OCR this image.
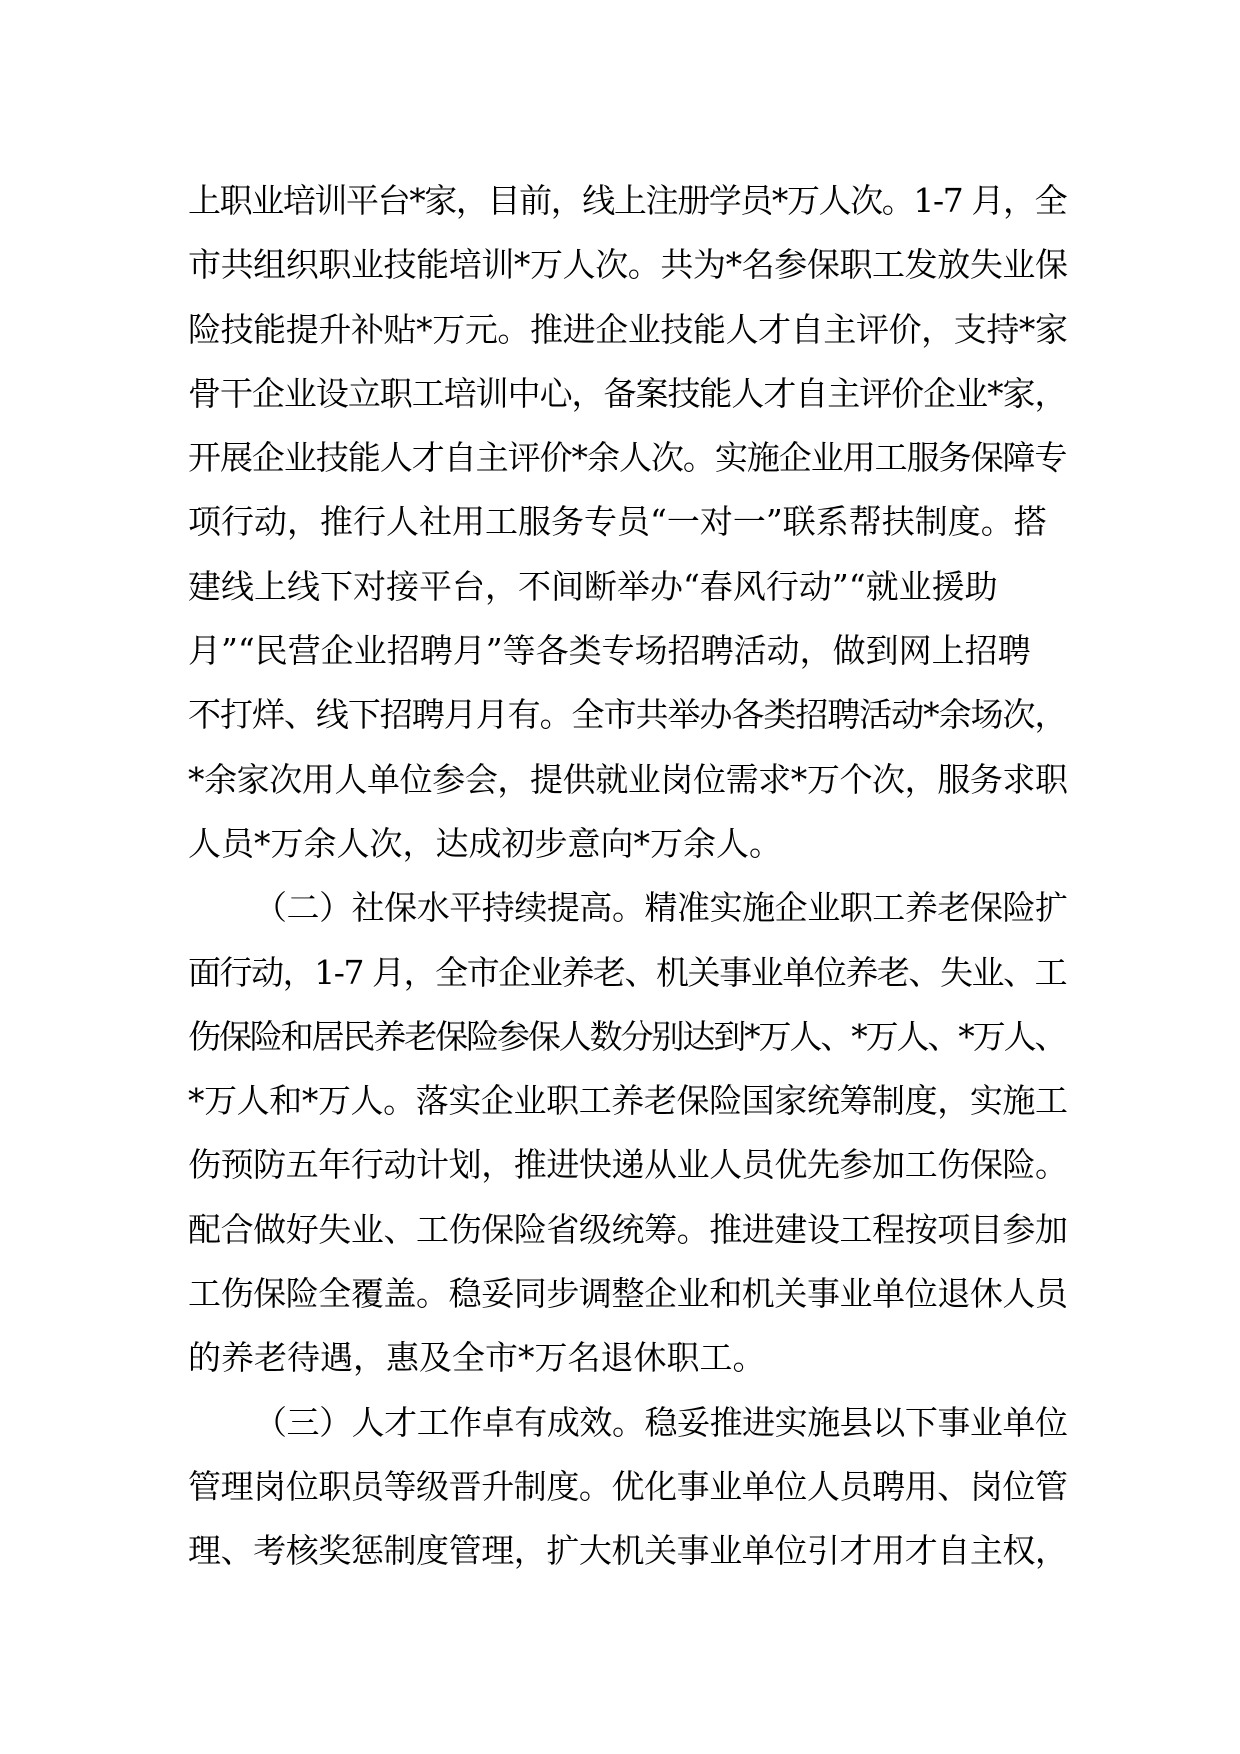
上职业培训平台*家，目前，线上注册学员*万人次。1-7 月，全
市共组织职业技能培训*万人次。共为*名参保职工发放失业保
险技能提升补贴*万元。推进企业技能人才自主评价，支持*家
骨干企业设立职工培训中心，备案技能人才自主评价企业*家，
开展企业技能人才自主评价*余人次。实施企业用工服务保障专
项行动，推行人社用工服务专员“一对一”联系帮扶制度。搭
建线上线下对接平台，不间断举办“春风行动”“就业援助
月”“民营企业招聘月”等各类专场招聘活动，做到网上招聘
不打烊、线下招聘月月有。全市共举办各类招聘活动*余场次，
*余家次用人单位参会，提供就业岗位需求*万个次，服务求职
人员*万余人次，达成初步意向*万余人。
（二）社保水平持续提高。精准实施企业职工养老保险扩
面行动，1-7 月，全市企业养老、机关事业单位养老、失业、工
伤保险和居民养老保险参保人数分别达到*万人、*万人、*万人、
*万人和*万人。落实企业职工养老保险国家统筹制度，实施工
伤预防五年行动计划，推进快递从业人员优先参加工伤保险。
配合做好失业、工伤保险省级统筹。推进建设工程按项目参加
工伤保险全覆盖。稳妥同步调整企业和机关事业单位退休人员
的养老待遇，惠及全市*万名退休职工。
（三）人才工作卓有成效。稳妥推进实施县以下事业单位
管理岗位职员等级晋升制度。优化事业单位人员聘用、岗位管
理、考核奖惩制度管理，扩大机关事业单位引才用才自主权，
